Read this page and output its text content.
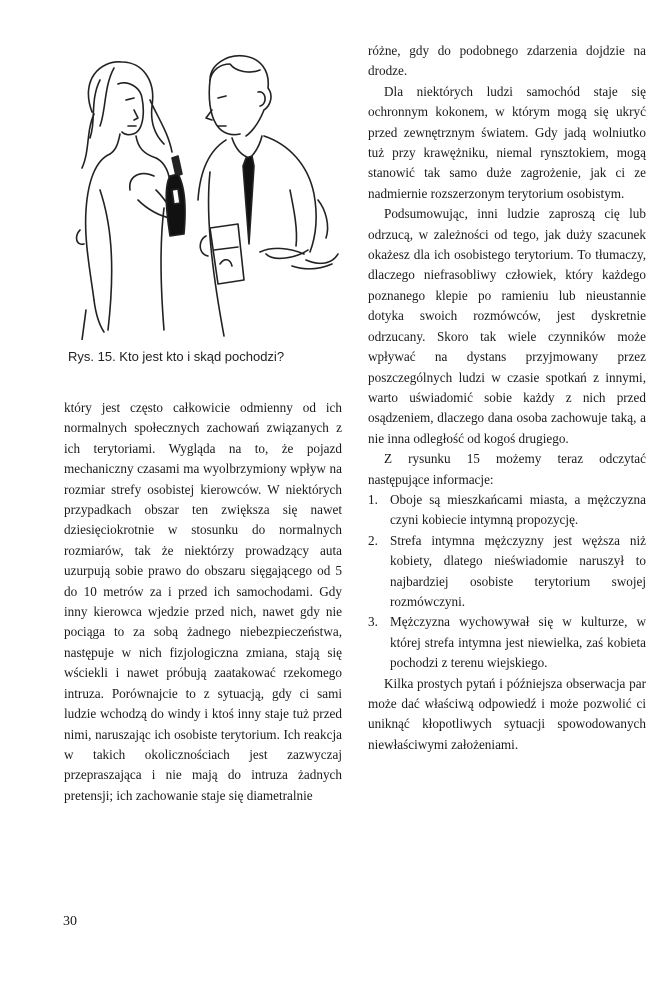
Rys. 15. Kto jest kto i skąd pochodzi?

który jest często całkowicie odmienny od ich normalnych społecznych zachowań związanych z ich terytoriami. Wygląda na to, że pojazd mechaniczny czasami ma wyolbrzymiony wpływ na rozmiar strefy osobistej kierowców. W niektórych przypadkach obszar ten zwiększa się nawet dziesięciokrotnie w stosunku do normalnych rozmiarów, tak że niektórzy prowadzący auta uzurpują sobie prawo do obszaru sięgającego od 5 do 10 metrów za i przed ich samochodami. Gdy inny kierowca wjedzie przed nich, nawet gdy nie pociąga to za sobą żadnego niebezpieczeństwa, następuje w nich fizjologiczna zmiana, stają się wściekli i nawet próbują zaatakować rzekomego intruza. Porównajcie to z sytuacją, gdy ci sami ludzie wchodzą do windy i ktoś inny staje tuż przed nimi, naruszając ich osobiste terytorium. Ich reakcja w takich okolicznościach jest zazwyczaj przepraszająca i nie mają do intruza żadnych pretensji; ich zachowanie staje się diametralnie

różne, gdy do podobnego zdarzenia dojdzie na drodze.

Dla niektórych ludzi samochód staje się ochronnym kokonem, w którym mogą się ukryć przed zewnętrznym światem. Gdy jadą wolniutko tuż przy krawężniku, niemal rynsztokiem, mogą stanowić tak samo duże zagrożenie, jak ci ze nadmiernie rozszerzonym terytorium osobistym.

Podsumowując, inni ludzie zaproszą cię lub odrzucą, w zależności od tego, jak duży szacunek okażesz dla ich osobistego terytorium. To tłumaczy, dlaczego niefrasobliwy człowiek, który każdego poznanego klepie po ramieniu lub nieustannie dotyka swoich rozmówców, jest dyskretnie odrzucany. Skoro tak wiele czynników może wpływać na dystans przyjmowany przez poszczególnych ludzi w czasie spotkań z innymi, warto uświadomić sobie każdy z nich przed osądzeniem, dlaczego dana osoba zachowuje taką, a nie inna odległość od kogoś drugiego.

Z rysunku 15 możemy teraz odczytać następujące informacje:

1. Oboje są mieszkańcami miasta, a mężczyzna czyni kobiecie intymną propozycję.
2. Strefa intymna mężczyzny jest węższa niż kobiety, dlatego nieświadomie naruszył to najbardziej osobiste terytorium swojej rozmówczyni.
3. Mężczyzna wychowywał się w kulturze, w której strefa intymna jest niewielka, zaś kobieta pochodzi z terenu wiejskiego.

Kilka prostych pytań i późniejsza obserwacja par może dać właściwą odpowiedź i może pozwolić ci uniknąć kłopotliwych sytuacji spowodowanych niewłaściwymi założeniami.

30
